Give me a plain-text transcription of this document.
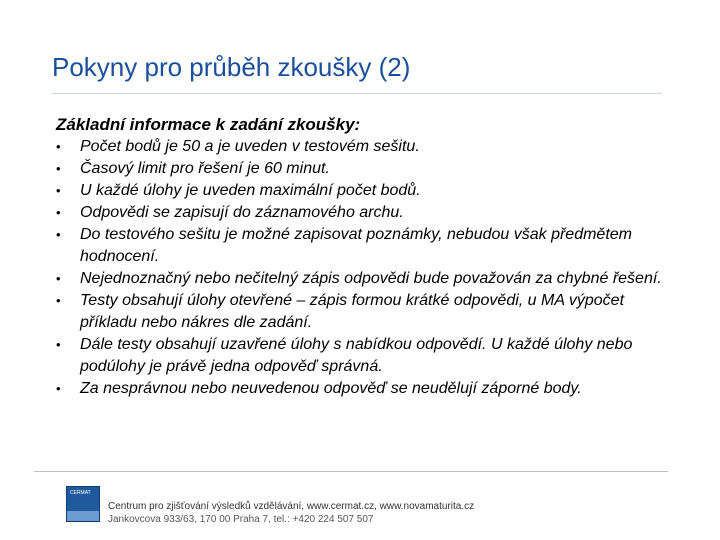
Pokyny pro průběh zkoušky (2)
Základní informace k zadání zkoušky:
• Počet bodů je 50 a je uveden v testovém sešitu.
• Časový limit pro řešení je 60 minut.
• U každé úlohy je uveden maximální počet bodů.
• Odpovědi se zapisují do záznamového archu.
• Do testového sešitu je možné zapisovat poznámky, nebudou však předmětem hodnocení.
• Nejednoznačný nebo nečitelný zápis odpovědi bude považován za chybné řešení.
• Testy obsahují úlohy otevřené – zápis formou krátké odpovědi, u MA výpočet příkladu nebo nákres dle zadání.
• Dále testy obsahují uzavřené úlohy s nabídkou odpovědí. U každé úlohy nebo podúlohy je právě jedna odpověď správná.
• Za nesprávnou nebo neuvedenou odpověď se neudělují záporné body.
CERMAT
Centrum pro zjišťování výsledků vzdělávání, www.cermat.cz, www.novamaturita.cz
Jankovcova 933/63, 170 00 Praha 7, tel.: +420 224 507 507
